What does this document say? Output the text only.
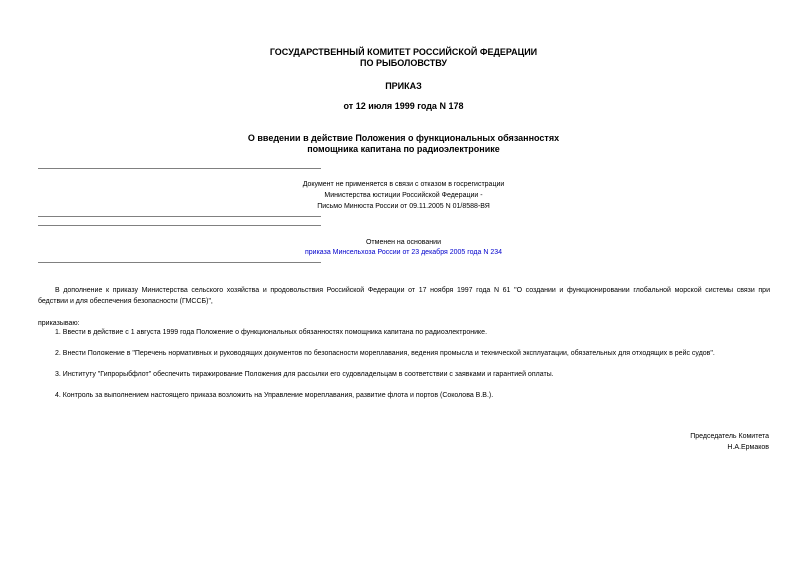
ГОСУДАРСТВЕННЫЙ КОМИТЕТ РОССИЙСКОЙ ФЕДЕРАЦИИ
ПО РЫБОЛОВСТВУ
ПРИКАЗ
от 12 июля 1999 года N 178
О введении в действие Положения о функциональных обязанностях
помощника капитана по радиоэлектронике
Документ не применяется в связи с отказом в госрегистрации
Министерства юстиции Российской Федерации -
Письмо Минюста России от 09.11.2005 N 01/8588-ВЯ
Отменен на основании
приказа Минсельхоза России от 23 декабря 2005 года N 234
В дополнение к приказу Министерства сельского хозяйства и продовольствия Российской Федерации от 17 ноября 1997 года N 61 "О создании и функционировании глобальной морской системы связи при
бедствии и для обеспечения безопасности (ГМССБ)",
приказываю:
1. Ввести в действие с 1 августа 1999 года Положение о функциональных обязанностях помощника капитана по радиоэлектронике.
2. Внести Положение в "Перечень нормативных и руководящих документов по безопасности мореплавания, ведения промысла и технической эксплуатации, обязательных для отходящих в рейс судов".
3. Институту "Гипрорыбфлот" обеспечить тиражирование Положения для рассылки его судовладельцам в соответствии с заявками и гарантией оплаты.
4. Контроль за выполнением настоящего приказа возложить на Управление мореплавания, развитие флота и портов (Соколова В.В.).
Председатель Комитета
Н.А.Ермаков
